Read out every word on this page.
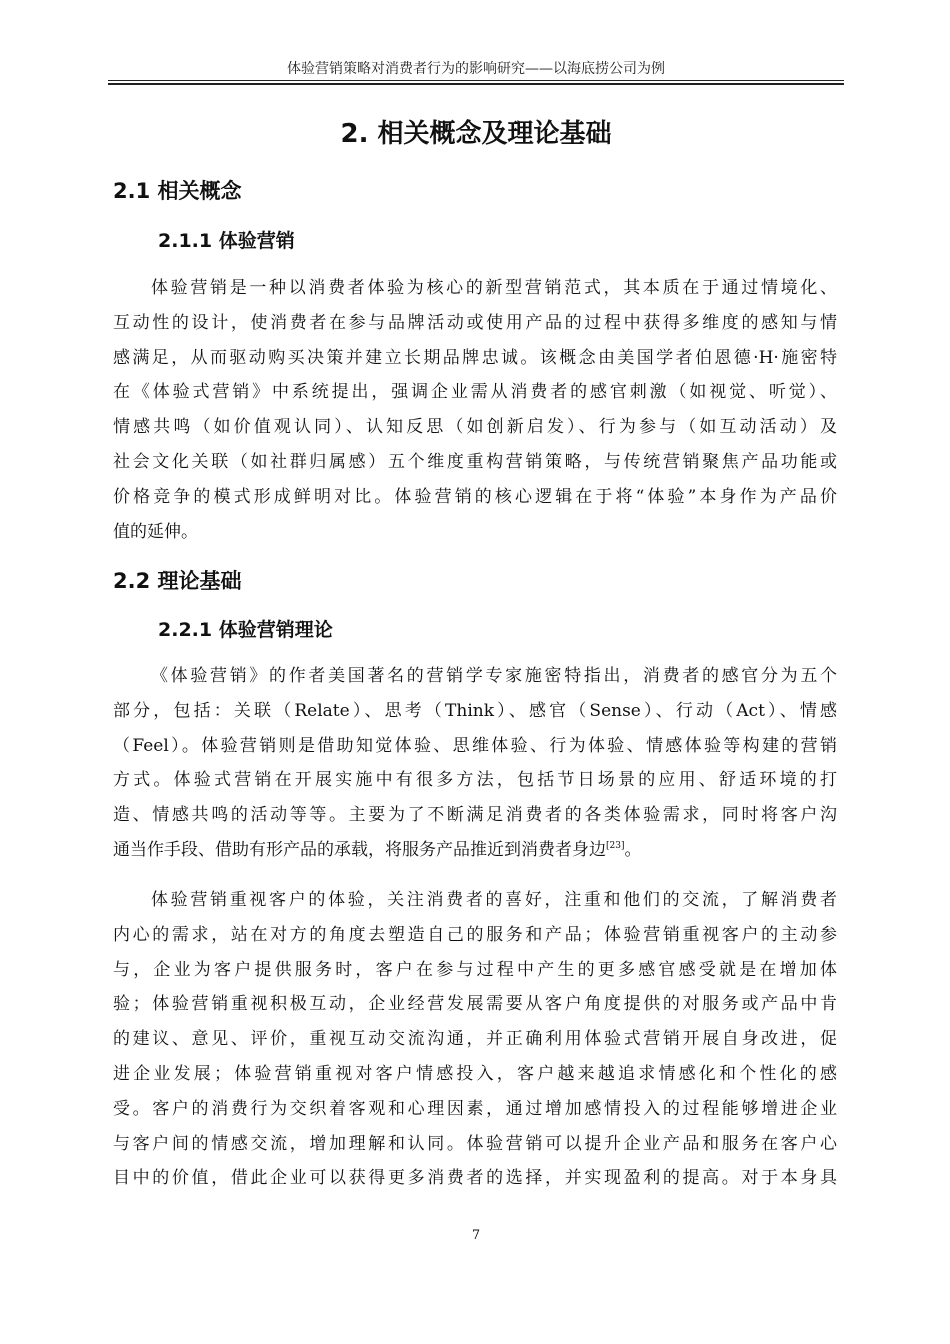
体验营销策略对消费者行为的影响研究——以海底捞公司为例
2. 相关概念及理论基础
2.1 相关概念
2.1.1 体验营销
体验营销是一种以消费者体验为核心的新型营销范式，其本质在于通过情境化、
互动性的设计，使消费者在参与品牌活动或使用产品的过程中获得多维度的感知与情
感满足，从而驱动购买决策并建立长期品牌忠诚。该概念由美国学者伯恩德·H·施密特
在《体验式营销》中系统提出，强调企业需从消费者的感官刺激（如视觉、听觉）、
情感共鸣（如价值观认同）、认知反思（如创新启发）、行为参与（如互动活动）及
社会文化关联（如社群归属感）五个维度重构营销策略，与传统营销聚焦产品功能或
价格竞争的模式形成鲜明对比。体验营销的核心逻辑在于将“体验”本身作为产品价
值的延伸。
2.2 理论基础
2.2.1 体验营销理论
《体验营销》的作者美国著名的营销学专家施密特指出，消费者的感官分为五个
部分，包括：关联（Relate）、思考（Think）、感官（Sense）、行动（Act）、情感
（Feel）。体验营销则是借助知觉体验、思维体验、行为体验、情感体验等构建的营销
方式。体验式营销在开展实施中有很多方法，包括节日场景的应用、舒适环境的打
造、情感共鸣的活动等等。主要为了不断满足消费者的各类体验需求，同时将客户沟
通当作手段、借助有形产品的承载，将服务产品推近到消费者身边[23]。
体验营销重视客户的体验，关注消费者的喜好，注重和他们的交流，了解消费者
内心的需求，站在对方的角度去塑造自己的服务和产品；体验营销重视客户的主动参
与，企业为客户提供服务时，客户在参与过程中产生的更多感官感受就是在增加体
验；体验营销重视积极互动，企业经营发展需要从客户角度提供的对服务或产品中肯
的建议、意见、评价，重视互动交流沟通，并正确利用体验式营销开展自身改进，促
进企业发展；体验营销重视对客户情感投入，客户越来越追求情感化和个性化的感
受。客户的消费行为交织着客观和心理因素，通过增加感情投入的过程能够增进企业
与客户间的情感交流，增加理解和认同。体验营销可以提升企业产品和服务在客户心
目中的价值，借此企业可以获得更多消费者的选择，并实现盈利的提高。对于本身具
7
